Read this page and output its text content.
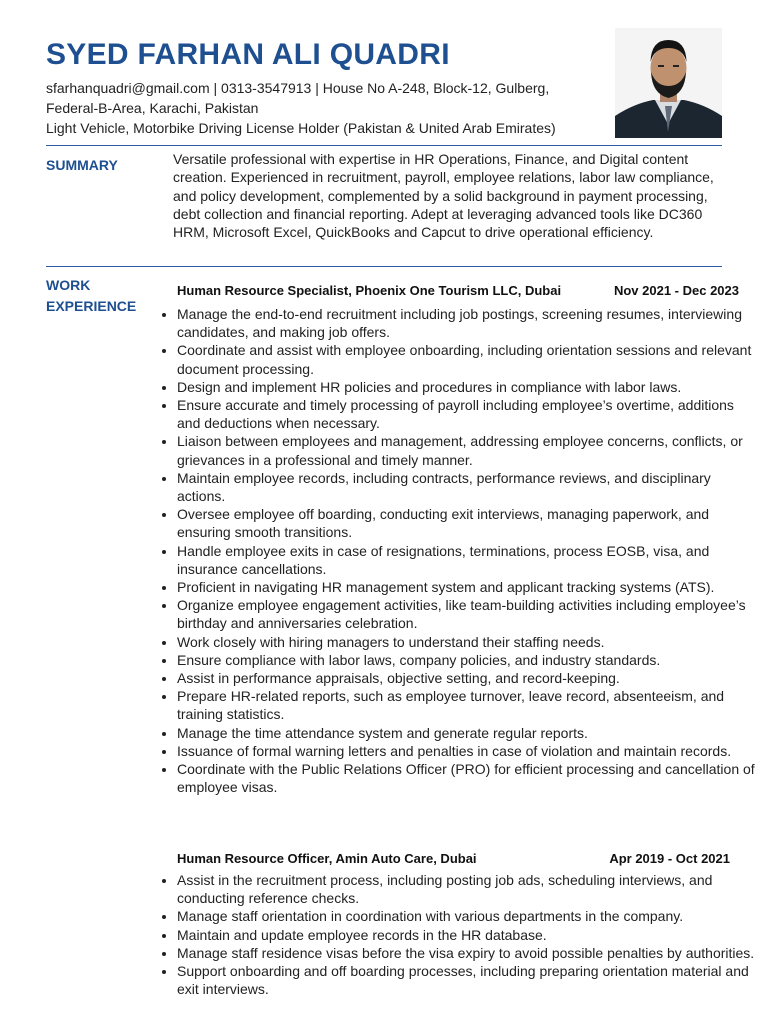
SYED FARHAN ALI QUADRI
sfarhanquadri@gmail.com | 0313-3547913 | House No A-248, Block-12, Gulberg,
Federal-B-Area, Karachi, Pakistan
Light Vehicle, Motorbike Driving License Holder (Pakistan & United Arab Emirates)
SUMMARY	Versatile professional with expertise in HR Operations, Finance, and Digital content creation. Experienced in recruitment, payroll, employee relations, labor law compliance, and policy development, complemented by a solid background in payment processing, debt collection and financial reporting. Adept at leveraging advanced tools like DC360 HRM, Microsoft Excel, QuickBooks and Capcut to drive operational efficiency.
WORK
EXPERIENCE
Human Resource Specialist, Phoenix One Tourism LLC, Dubai	Nov 2021 - Dec 2023
• Manage the end-to-end recruitment including job postings, screening resumes, interviewing candidates, and making job offers.
• Coordinate and assist with employee onboarding, including orientation sessions and relevant document processing.
• Design and implement HR policies and procedures in compliance with labor laws.
• Ensure accurate and timely processing of payroll including employee’s overtime, additions and deductions when necessary.
• Liaison between employees and management, addressing employee concerns, conflicts, or grievances in a professional and timely manner.
• Maintain employee records, including contracts, performance reviews, and disciplinary actions.
• Oversee employee off boarding, conducting exit interviews, managing paperwork, and ensuring smooth transitions.
• Handle employee exits in case of resignations, terminations, process EOSB, visa, and insurance cancellations.
• Proficient in navigating HR management system and applicant tracking systems (ATS).
• Organize employee engagement activities, like team-building activities including employee’s birthday and anniversaries celebration.
• Work closely with hiring managers to understand their staffing needs.
• Ensure compliance with labor laws, company policies, and industry standards.
• Assist in performance appraisals, objective setting, and record-keeping.
• Prepare HR-related reports, such as employee turnover, leave record, absenteeism, and training statistics.
• Manage the time attendance system and generate regular reports.
• Issuance of formal warning letters and penalties in case of violation and maintain records.
• Coordinate with the Public Relations Officer (PRO) for efficient processing and cancellation of employee visas.
Human Resource Officer, Amin Auto Care, Dubai	Apr 2019 - Oct 2021
• Assist in the recruitment process, including posting job ads, scheduling interviews, and conducting reference checks.
• Manage staff orientation in coordination with various departments in the company.
• Maintain and update employee records in the HR database.
• Manage staff residence visas before the visa expiry to avoid possible penalties by authorities.
• Support onboarding and off boarding processes, including preparing orientation material and exit interviews.
